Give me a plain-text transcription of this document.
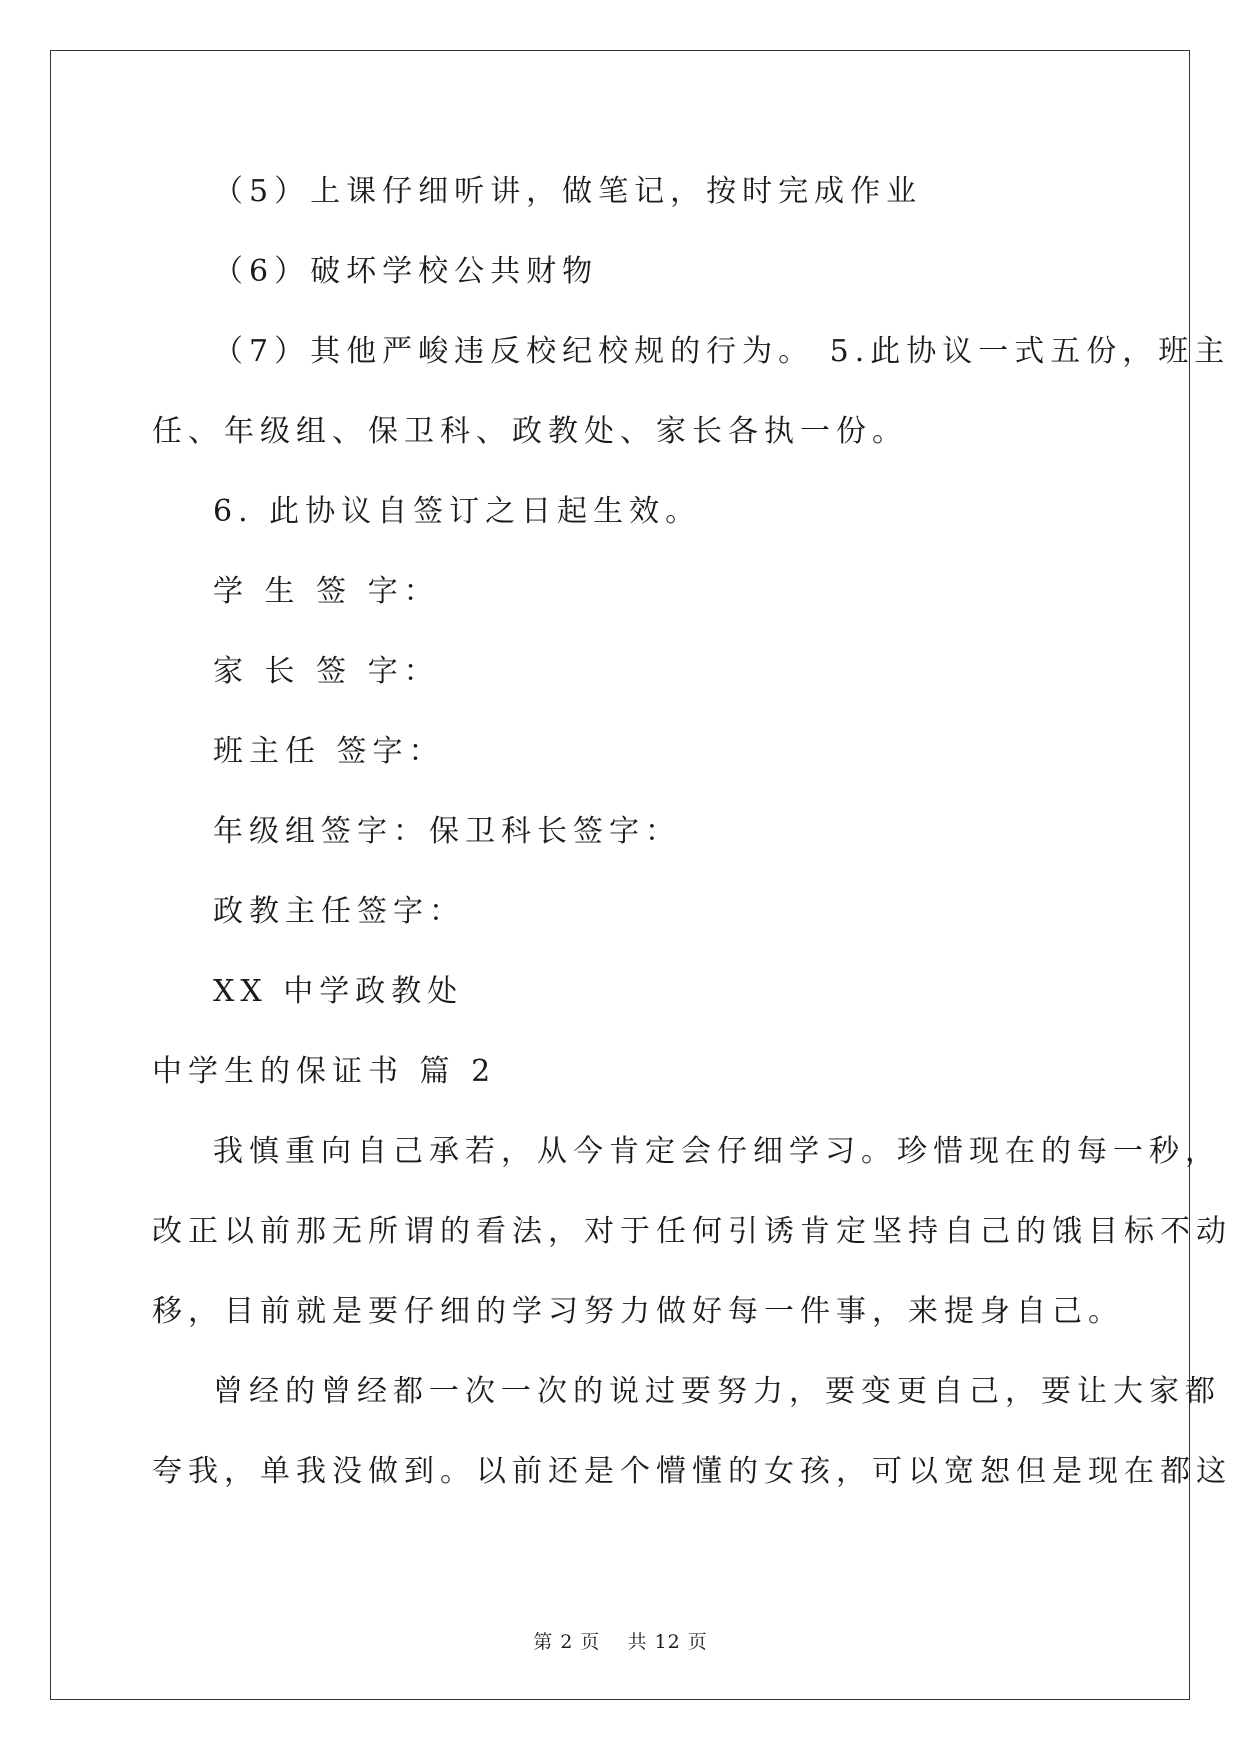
（5）上课仔细听讲，做笔记，按时完成作业
（6）破坏学校公共财物
（7）其他严峻违反校纪校规的行为。 5.此协议一式五份，班主
任、年级组、保卫科、政教处、家长各执一份。
6. 此协议自签订之日起生效。
学 生 签 字：
家 长 签 字：
班主任 签字：
年级组签字：保卫科长签字：
政教主任签字：
XX 中学政教处
中学生的保证书 篇 2
我慎重向自己承若，从今肯定会仔细学习。珍惜现在的每一秒，
改正以前那无所谓的看法，对于任何引诱肯定坚持自己的饿目标不动
移，目前就是要仔细的学习努力做好每一件事，来提身自己。
曾经的曾经都一次一次的说过要努力，要变更自己，要让大家都
夸我，单我没做到。以前还是个懵懂的女孩，可以宽恕但是现在都这
第 2 页 共 12 页
